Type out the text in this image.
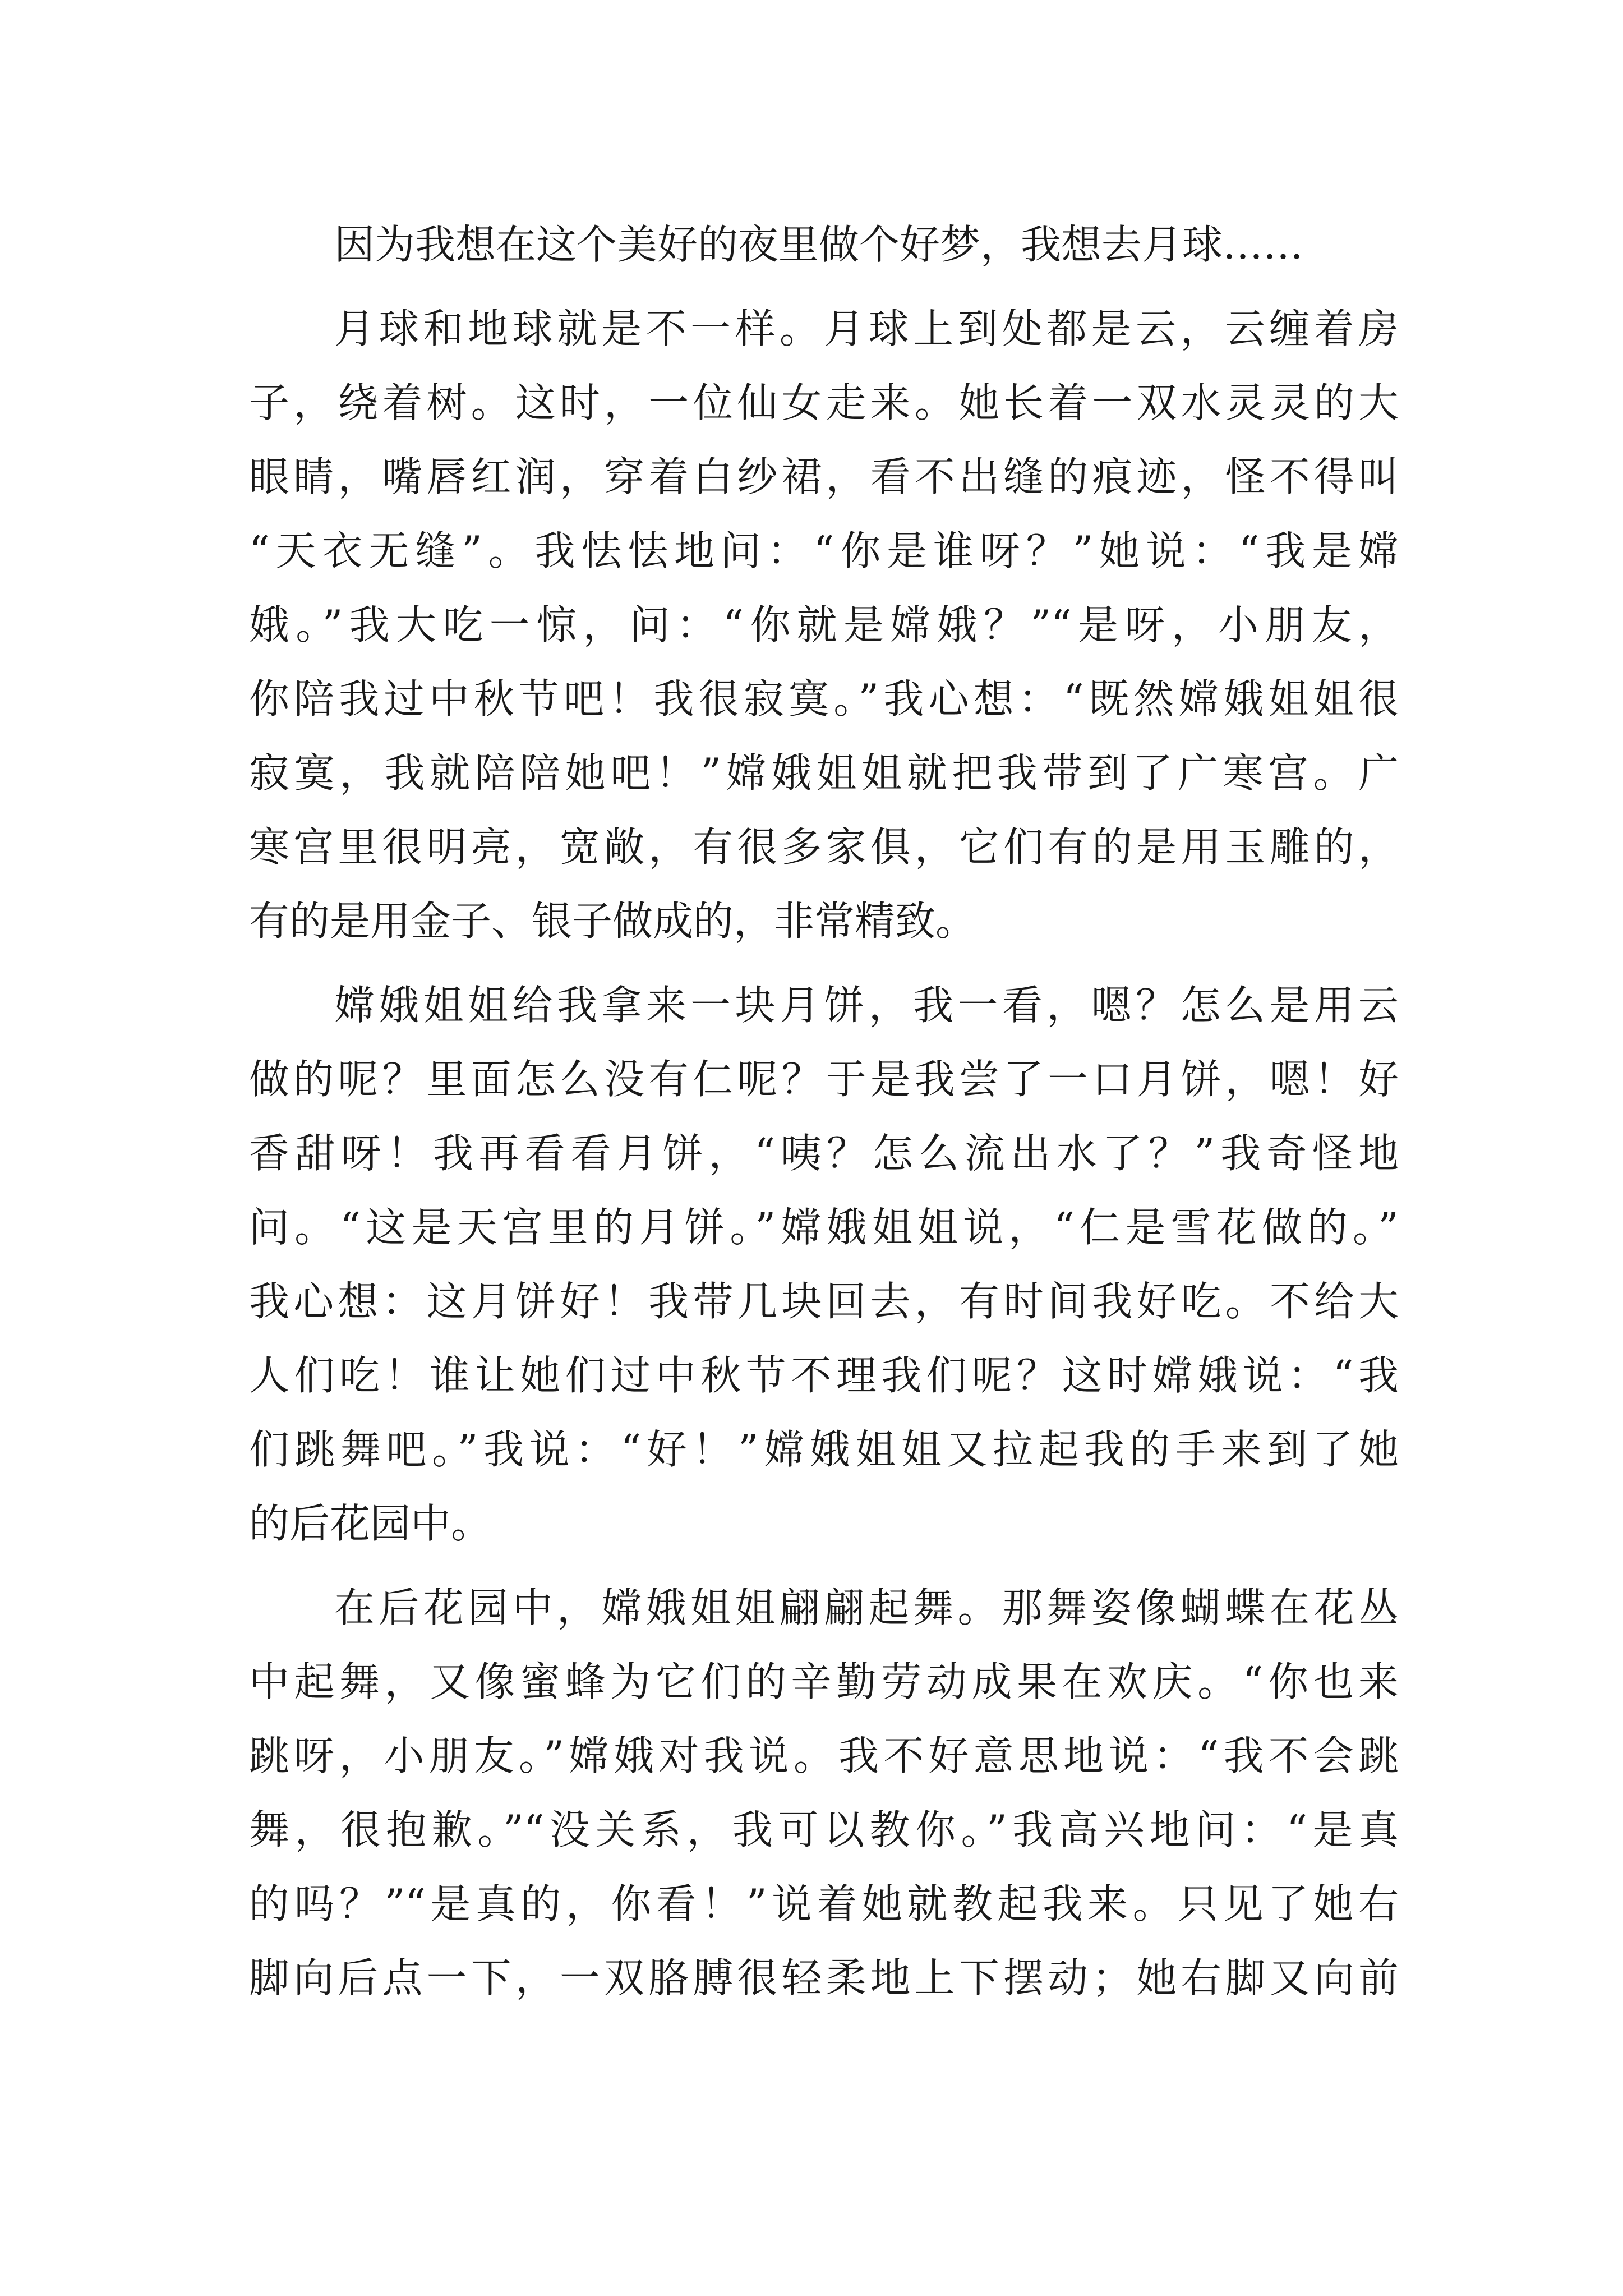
因为我想在这个美好的夜里做个好梦，我想去月球……
月球和地球就是不一样。月球上到处都是云，云缠着房
子，绕着树。这时，一位仙女走来。她长着一双水灵灵的大
眼睛，嘴唇红润，穿着白纱裙，看不出缝的痕迹，怪不得叫
“天衣无缝”。我怯怯地问：“你是谁呀？”她说：“我是嫦
娥。”我大吃一惊，问：“你就是嫦娥？”“是呀，小朋友，
你陪我过中秋节吧！我很寂寞。”我心想：“既然嫦娥姐姐很
寂寞，我就陪陪她吧！”嫦娥姐姐就把我带到了广寒宫。广
寒宫里很明亮，宽敞，有很多家俱，它们有的是用玉雕的，
有的是用金子、银子做成的，非常精致。
嫦娥姐姐给我拿来一块月饼，我一看，嗯？怎么是用云
做的呢？里面怎么没有仁呢？于是我尝了一口月饼，嗯！好
香甜呀！我再看看月饼，“咦？怎么流出水了？”我奇怪地
问。“这是天宫里的月饼。”嫦娥姐姐说，“仁是雪花做的。”
我心想：这月饼好！我带几块回去，有时间我好吃。不给大
人们吃！谁让她们过中秋节不理我们呢？这时嫦娥说：“我
们跳舞吧。”我说：“好！”嫦娥姐姐又拉起我的手来到了她
的后花园中。
在后花园中，嫦娥姐姐翩翩起舞。那舞姿像蝴蝶在花丛
中起舞，又像蜜蜂为它们的辛勤劳动成果在欢庆。“你也来
跳呀，小朋友。”嫦娥对我说。我不好意思地说：“我不会跳
舞，很抱歉。”“没关系，我可以教你。”我高兴地问：“是真
的吗？”“是真的，你看！”说着她就教起我来。只见了她右
脚向后点一下，一双胳膊很轻柔地上下摆动；她右脚又向前
